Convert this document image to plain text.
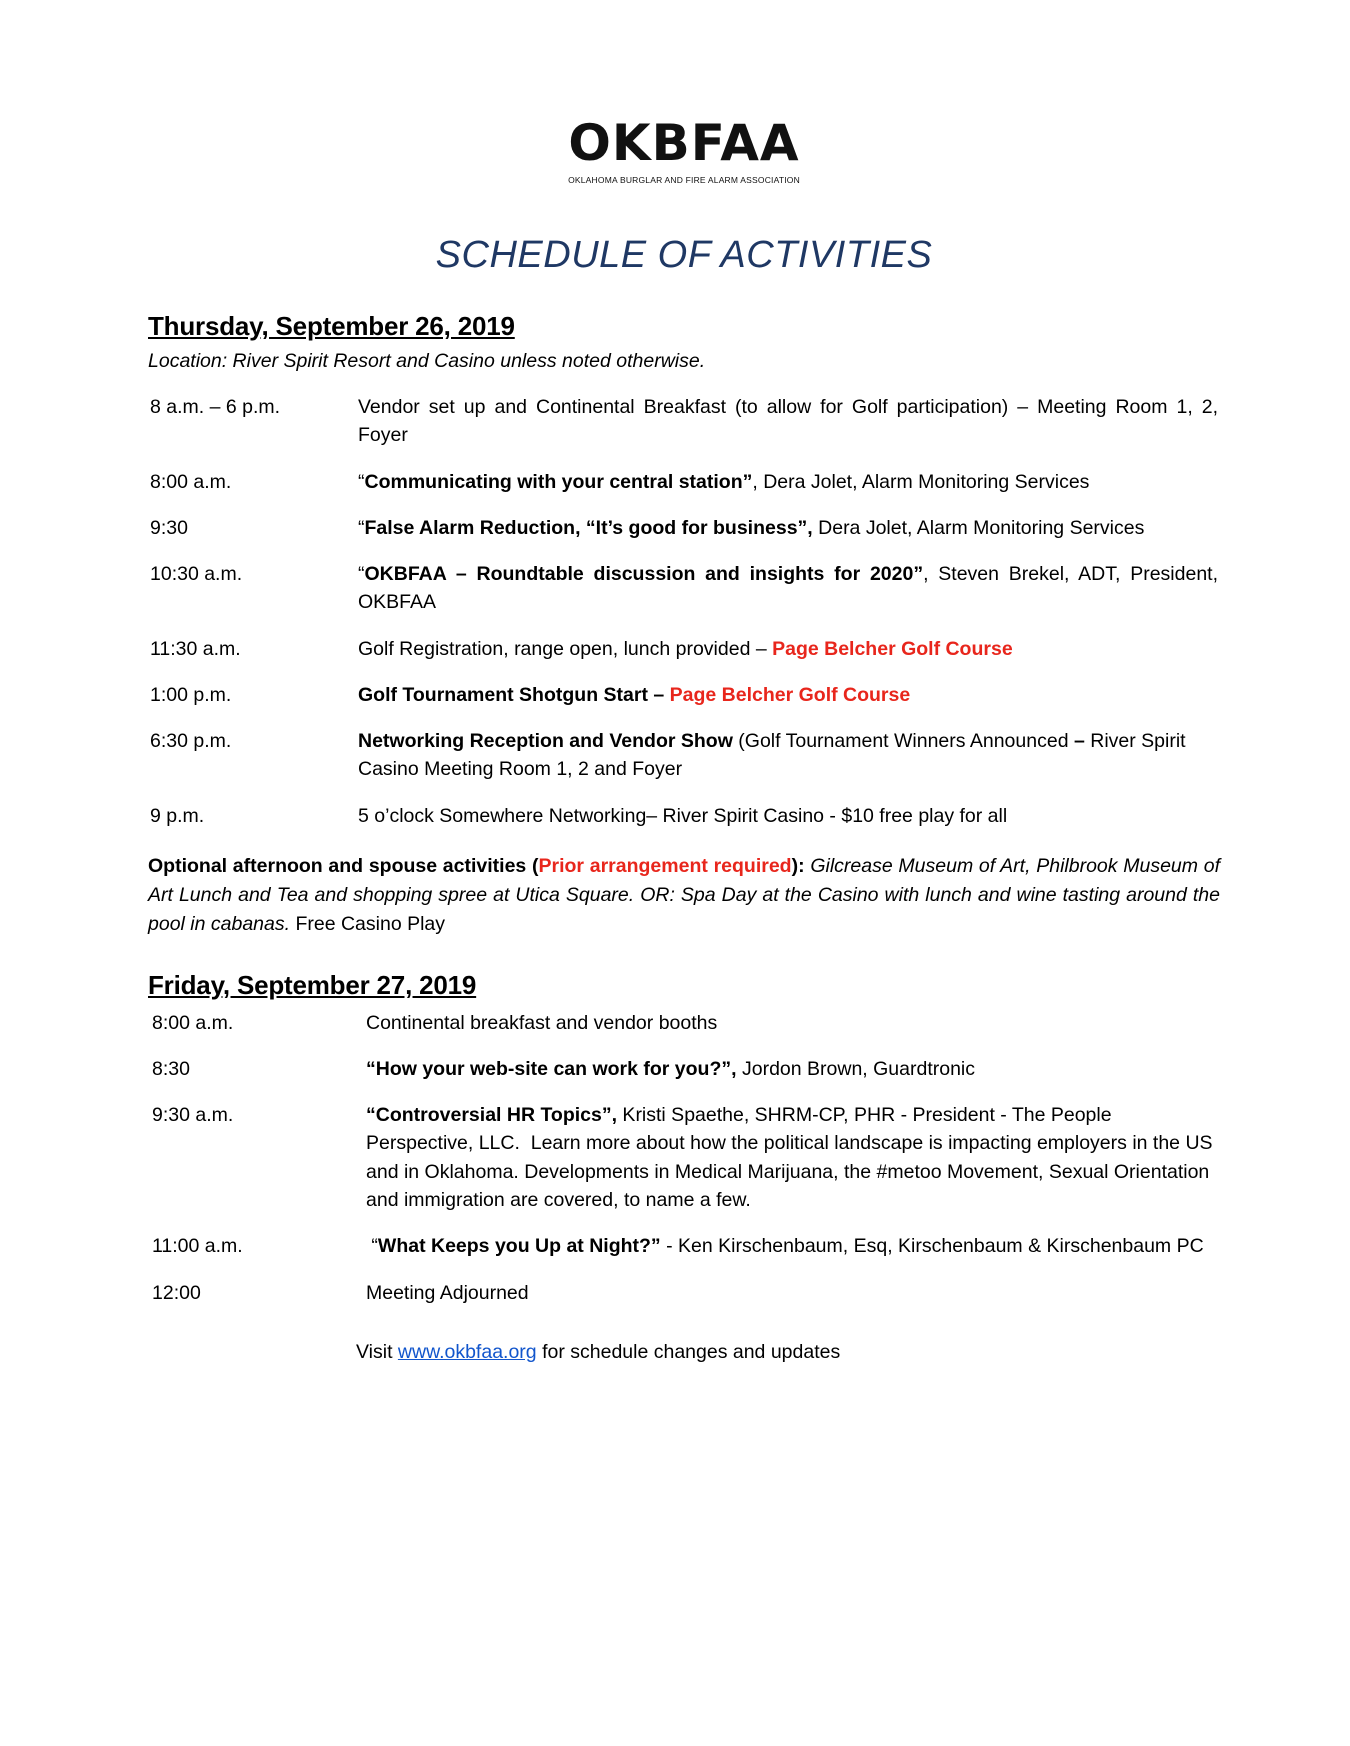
OKBFAA
OKLAHOMA BURGLAR AND FIRE ALARM ASSOCIATION
SCHEDULE OF ACTIVITIES
Thursday, September 26, 2019
Location: River Spirit Resort and Casino unless noted otherwise.
8 a.m. – 6 p.m.	Vendor set up and Continental Breakfast (to allow for Golf participation) – Meeting Room 1, 2, Foyer
8:00 a.m.	“Communicating with your central station”, Dera Jolet, Alarm Monitoring Services
9:30	“False Alarm Reduction, “It’s good for business”, Dera Jolet, Alarm Monitoring Services
10:30 a.m.	“OKBFAA – Roundtable discussion and insights for 2020”, Steven Brekel, ADT, President, OKBFAA
11:30 a.m.	Golf Registration, range open, lunch provided – Page Belcher Golf Course
1:00 p.m.	Golf Tournament Shotgun Start – Page Belcher Golf Course
6:30 p.m.	Networking Reception and Vendor Show (Golf Tournament Winners Announced – River Spirit Casino Meeting Room 1, 2 and Foyer
9 p.m.	5 o’clock Somewhere Networking– River Spirit Casino - $10 free play for all
Optional afternoon and spouse activities (Prior arrangement required): Gilcrease Museum of Art, Philbrook Museum of Art Lunch and Tea and shopping spree at Utica Square. OR: Spa Day at the Casino with lunch and wine tasting around the pool in cabanas. Free Casino Play
Friday, September 27, 2019
8:00 a.m.	Continental breakfast and vendor booths
8:30	“How your web-site can work for you?”, Jordon Brown, Guardtronic
9:30 a.m.	“Controversial HR Topics”, Kristi Spaethe, SHRM-CP, PHR - President - The People Perspective, LLC.  Learn more about how the political landscape is impacting employers in the US and in Oklahoma. Developments in Medical Marijuana, the #metoo Movement, Sexual Orientation and immigration are covered, to name a few.
11:00 a.m.	“What Keeps you Up at Night?” - Ken Kirschenbaum, Esq, Kirschenbaum & Kirschenbaum PC
12:00	Meeting Adjourned
Visit www.okbfaa.org for schedule changes and updates
